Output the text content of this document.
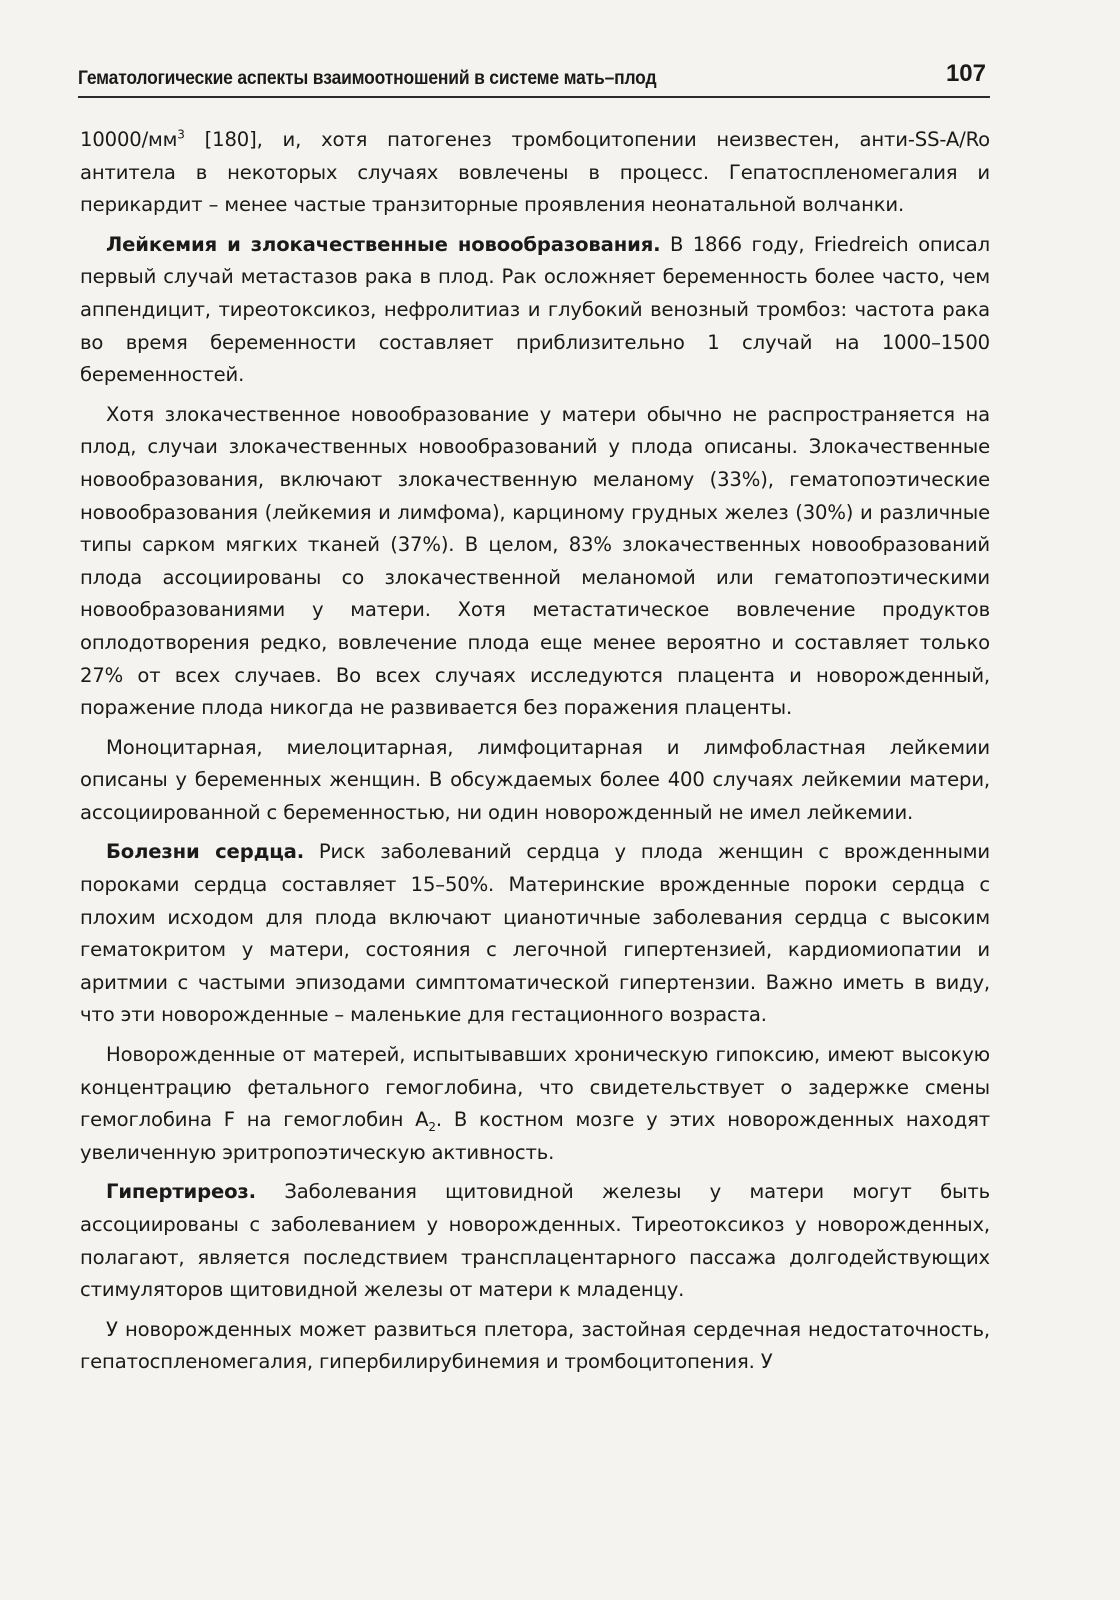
Гематологические аспекты взаимоотношений в системе мать–плод	107

$10000/мм^3$ [180], и, хотя патогенез тромбоцитопении неизвестен, анти-SS-A/Ro антитела в некоторых случаях вовлечены в процесс. Гепатоспленомегалия и перикардит – менее частые транзиторные проявления неонатальной волчанки.

Лейкемия и злокачественные новообразования. В 1866 году, Friedreich описал первый случай метастазов рака в плод. Рак осложняет беременность более часто, чем аппендицит, тиреотоксикоз, нефролитиаз и глубокий венозный тромбоз: частота рака во время беременности составляет приблизительно 1 случай на 1000–1500 беременностей.

Хотя злокачественное новообразование у матери обычно не распространяется на плод, случаи злокачественных новообразований у плода описаны. Злокачественные новообразования, включают злокачественную меланому (33%), гематопоэтические новообразования (лейкемия и лимфома), карциному грудных желез (30%) и различные типы сарком мягких тканей (37%). В целом, 83% злокачественных новообразований плода ассоциированы со злокачественной меланомой или гематопоэтическими новообразованиями у матери. Хотя метастатическое вовлечение продуктов оплодотворения редко, вовлечение плода еще менее вероятно и составляет только 27% от всех случаев. Во всех случаях исследуются плацента и новорожденный, поражение плода никогда не развивается без поражения плаценты.

Моноцитарная, миелоцитарная, лимфоцитарная и лимфобластная лейкемии описаны у беременных женщин. В обсуждаемых более 400 случаях лейкемии матери, ассоциированной с беременностью, ни один новорожденный не имел лейкемии.

Болезни сердца. Риск заболеваний сердца у плода женщин с врожденными пороками сердца составляет 15–50%. Материнские врожденные пороки сердца с плохим исходом для плода включают цианотичные заболевания сердца с высоким гематокритом у матери, состояния с легочной гипертензией, кардиомиопатии и аритмии с частыми эпизодами симптоматической гипертензии. Важно иметь в виду, что эти новорожденные – маленькие для гестационного возраста.

Новорожденные от матерей, испытывавших хроническую гипоксию, имеют высокую концентрацию фетального гемоглобина, что свидетельствует о задержке смены гемоглобина F на гемоглобин $A_2$. В костном мозге у этих новорожденных находят увеличенную эритропоэтическую активность.

Гипертиреоз. Заболевания щитовидной железы у матери могут быть ассоциированы с заболеванием у новорожденных. Тиреотоксикоз у новорожденных, полагают, является последствием трансплацентарного пассажа долгодействующих стимуляторов щитовидной железы от матери к младенцу.

У новорожденных может развиться плетора, застойная сердечная недостаточность, гепатоспленомегалия, гипербилирубинемия и тромбоцитопения. У
